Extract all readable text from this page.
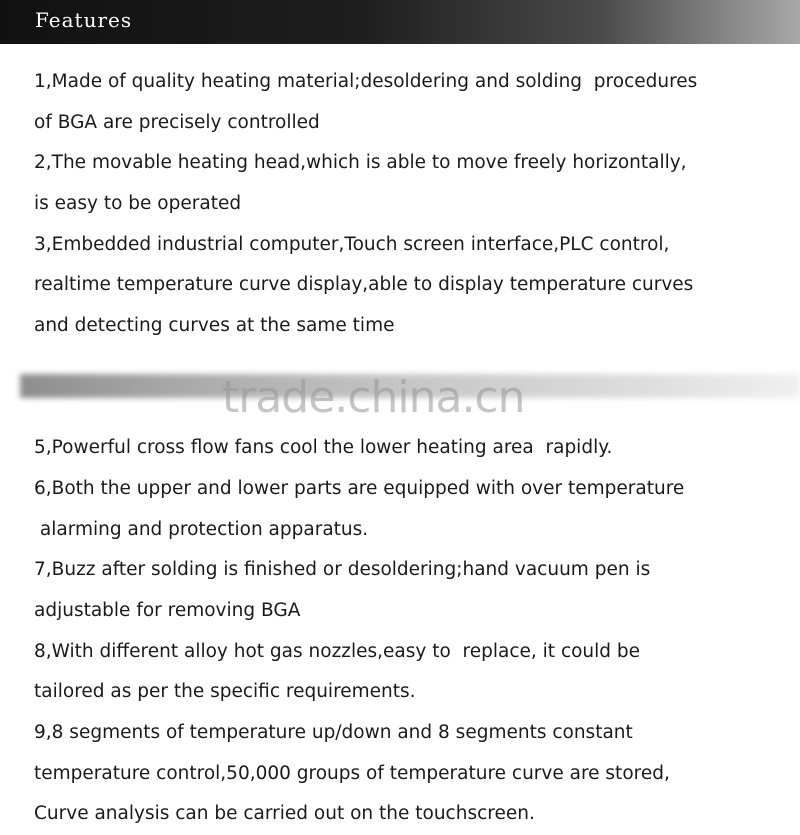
Features
1,Made of quality heating material;desoldering and solding  procedures
of BGA are precisely controlled
2,The movable heating head,which is able to move freely horizontally,
is easy to be operated
3,Embedded industrial computer,Touch screen interface,PLC control,
realtime temperature curve display,able to display temperature curves
and detecting curves at the same time

5,Powerful cross flow fans cool the lower heating area  rapidly.
6,Both the upper and lower parts are equipped with over temperature
alarming and protection apparatus.
7,Buzz after solding is finished or desoldering;hand vacuum pen is
adjustable for removing BGA
8,With different alloy hot gas nozzles,easy to  replace, it could be
tailored as per the specific requirements.
9,8 segments of temperature up/down and 8 segments constant
temperature control,50,000 groups of temperature curve are stored,
Curve analysis can be carried out on the touchscreen.
trade.china.cn
